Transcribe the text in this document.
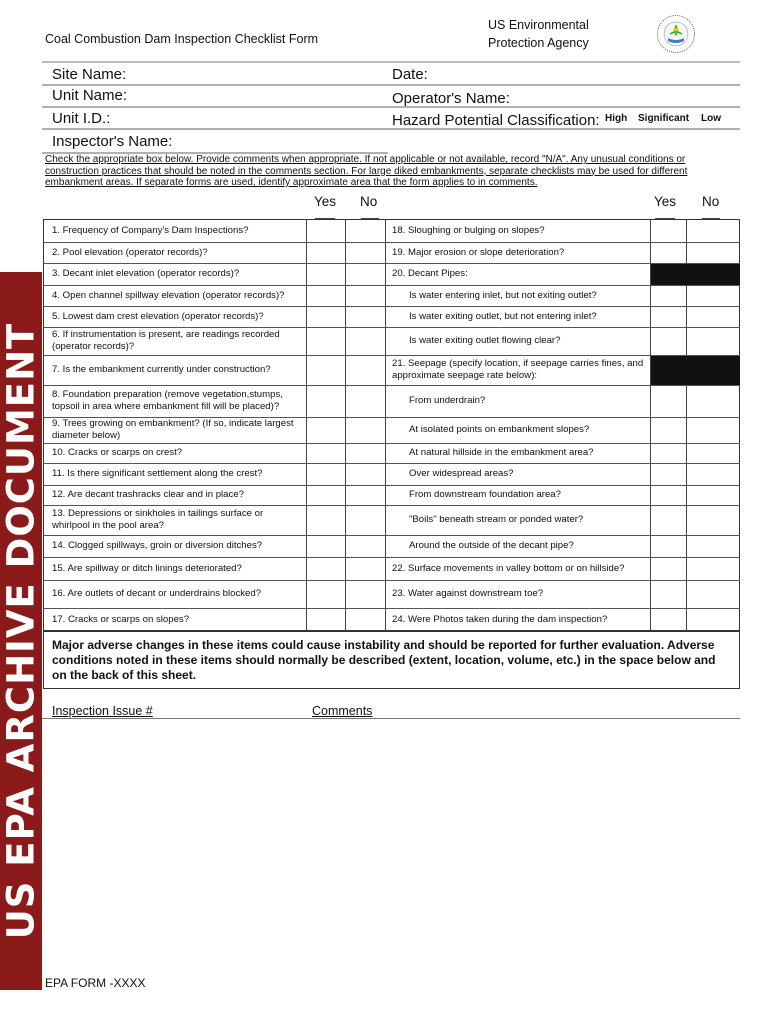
Coal Combustion Dam Inspection Checklist Form
US Environmental
Protection Agency
Site Name:
Unit Name:
Unit I.D.:
Inspector's Name:
Date:
Operator's Name:
Hazard Potential Classification: High Significant Low
Check the appropriate box below. Provide comments when appropriate. If not applicable or not available, record "N/A". Any unusual conditions or construction practices that should be noted in the comments section. For large diked embankments, separate checklists may be used for different embankment areas. If separate forms are used, identify approximate area that the form applies to in comments.
Yes No	Yes No
1. Frequency of Company's Dam Inspections?
2. Pool elevation (operator records)?
3. Decant inlet elevation (operator records)?
4. Open channel spillway elevation (operator records)?
5. Lowest dam crest elevation (operator records)?
6. If instrumentation is present, are readings recorded (operator records)?
7. Is the embankment currently under construction?
8. Foundation preparation (remove vegetation,stumps, topsoil in area where embankment fill will be placed)?
9. Trees growing on embankment? (If so, indicate largest diameter below)
10. Cracks or scarps on crest?
11. Is there significant settlement along the crest?
12. Are decant trashracks clear and in place?
13. Depressions or sinkholes in tailings surface or whirlpool in the pool area?
14. Clogged spillways, groin or diversion ditches?
15. Are spillway or ditch linings deteriorated?
16. Are outlets of decant or underdrains blocked?
17. Cracks or scarps on slopes?
18. Sloughing or bulging on slopes?
19. Major erosion or slope deterioration?
20. Decant Pipes:
Is water entering inlet, but not exiting outlet?
Is water exiting outlet, but not entering inlet?
Is water exiting outlet flowing clear?
21. Seepage (specify location, if seepage carries fines, and approximate seepage rate below):
From underdrain?
At isolated points on embankment slopes?
At natural hillside in the embankment area?
Over widespread areas?
From downstream foundation area?
"Boils" beneath stream or ponded water?
Around the outside of the decant pipe?
22. Surface movements in valley bottom or on hillside?
23. Water against downstream toe?
24. Were Photos taken during the dam inspection?
Major adverse changes in these items could cause instability and should be reported for further evaluation. Adverse conditions noted in these items should normally be described (extent, location, volume, etc.) in the space below and on the back of this sheet.
Inspection Issue #	Comments
EPA FORM -XXXX
US EPA ARCHIVE DOCUMENT
